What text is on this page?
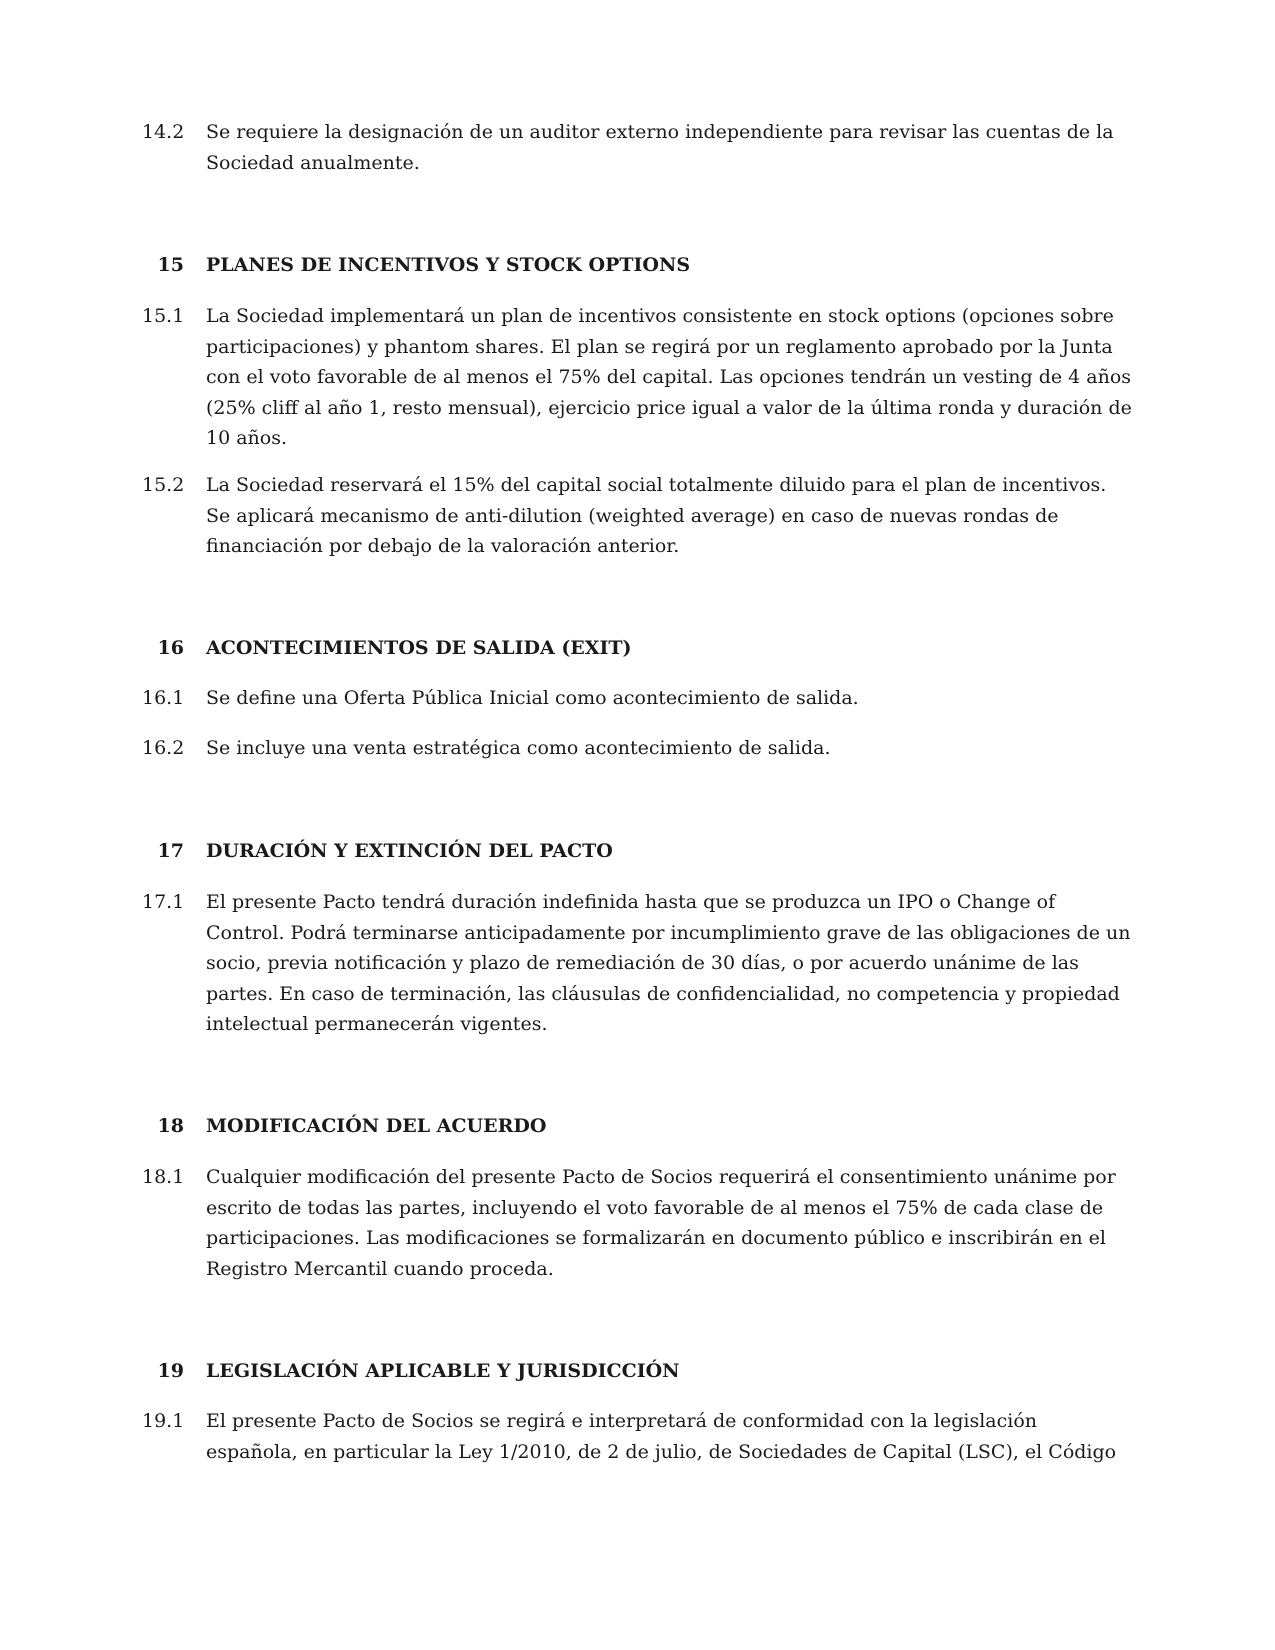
14.2 Se requiere la designación de un auditor externo independiente para revisar las cuentas de la Sociedad anualmente.
15 PLANES DE INCENTIVOS Y STOCK OPTIONS
15.1 La Sociedad implementará un plan de incentivos consistente en stock options (opciones sobre participaciones) y phantom shares. El plan se regirá por un reglamento aprobado por la Junta con el voto favorable de al menos el 75% del capital. Las opciones tendrán un vesting de 4 años (25% cliff al año 1, resto mensual), ejercicio price igual a valor de la última ronda y duración de 10 años.
15.2 La Sociedad reservará el 15% del capital social totalmente diluido para el plan de incentivos. Se aplicará mecanismo de anti-dilution (weighted average) en caso de nuevas rondas de financiación por debajo de la valoración anterior.
16 ACONTECIMIENTOS DE SALIDA (EXIT)
16.1 Se define una Oferta Pública Inicial como acontecimiento de salida.
16.2 Se incluye una venta estratégica como acontecimiento de salida.
17 DURACIÓN Y EXTINCIÓN DEL PACTO
17.1 El presente Pacto tendrá duración indefinida hasta que se produzca un IPO o Change of Control. Podrá terminarse anticipadamente por incumplimiento grave de las obligaciones de un socio, previa notificación y plazo de remediación de 30 días, o por acuerdo unánime de las partes. En caso de terminación, las cláusulas de confidencialidad, no competencia y propiedad intelectual permanecerán vigentes.
18 MODIFICACIÓN DEL ACUERDO
18.1 Cualquier modificación del presente Pacto de Socios requerirá el consentimiento unánime por escrito de todas las partes, incluyendo el voto favorable de al menos el 75% de cada clase de participaciones. Las modificaciones se formalizarán en documento público e inscribirán en el Registro Mercantil cuando proceda.
19 LEGISLACIÓN APLICABLE Y JURISDICCIÓN
19.1 El presente Pacto de Socios se regirá e interpretará de conformidad con la legislación española, en particular la Ley 1/2010, de 2 de julio, de Sociedades de Capital (LSC), el Código
